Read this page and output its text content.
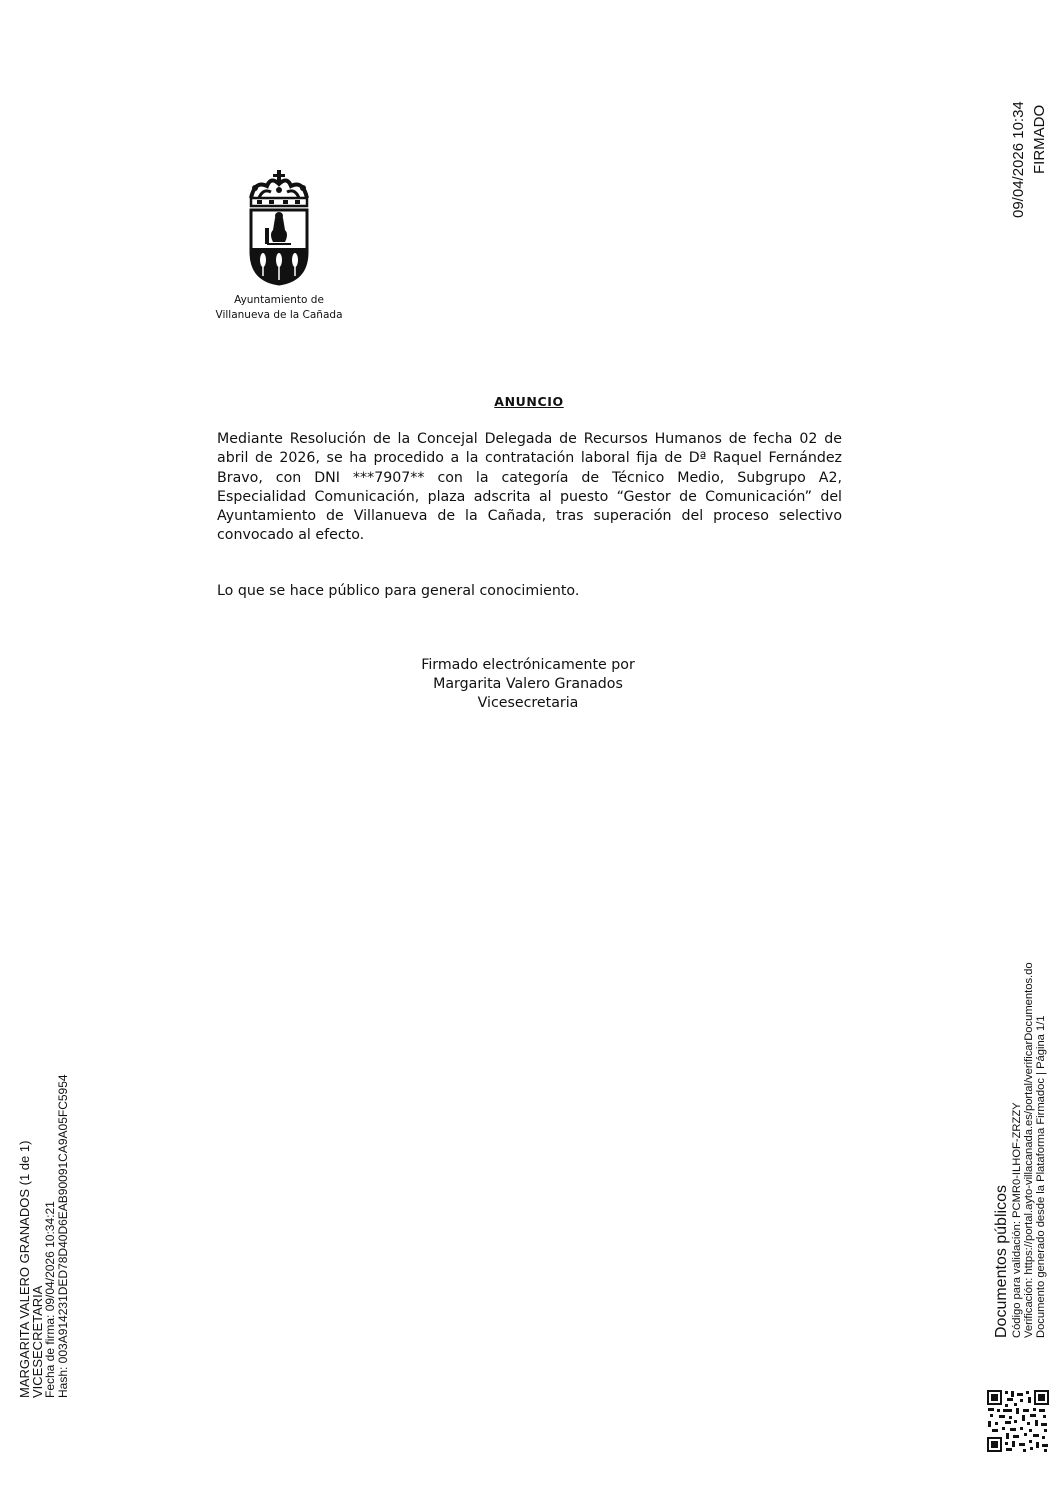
Ayuntamiento de
Villanueva de la Cañada
ANUNCIO
Mediante Resolución de la Concejal Delegada de Recursos Humanos de fecha 02 de abril de 2026, se ha procedido a la contratación laboral fija de Dª Raquel Fernández Bravo, con DNI ***7907** con la categoría de Técnico Medio, Subgrupo A2, Especialidad Comunicación, plaza adscrita al puesto “Gestor de Comunicación” del Ayuntamiento de Villanueva de la Cañada, tras superación del proceso selectivo convocado al efecto.
Lo que se hace público para general conocimiento.
Firmado electrónicamente por
Margarita Valero Granados
Vicesecretaria
09/04/2026 10:34 FIRMADO
MARGARITA VALERO GRANADOS (1 de 1)
VICESECRETARIA
Fecha de firma: 09/04/2026 10:34:21
Hash: 003A914231DED78D40D6EAB90091CA9A05FC5954	Documentos públicos Código para validación: PCMR0-ILHOF-ZRZZY Verificación: https://portal.ayto-villacanada.es/portal/verificarDocumentos.do Documento generado desde la Plataforma Firmadoc | Página 1/1
